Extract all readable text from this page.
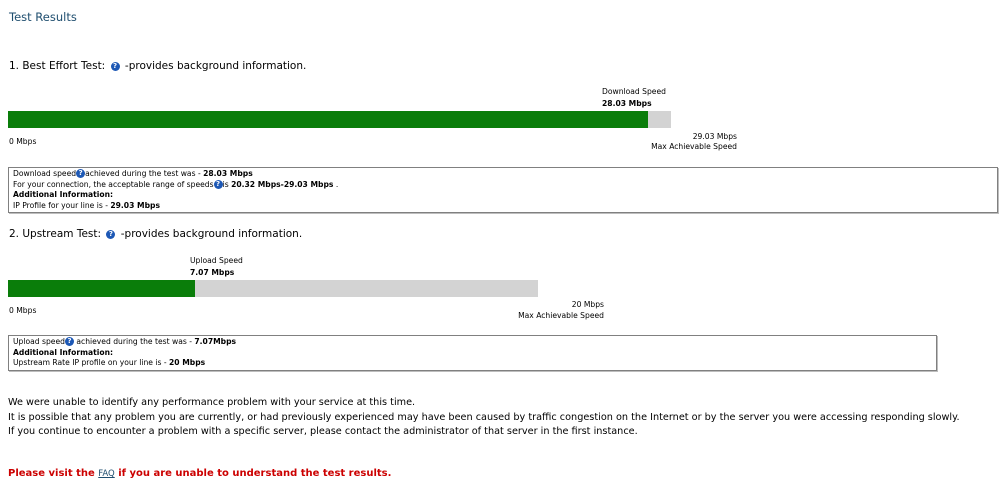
Test Results
1. Best Effort Test: ? -provides background information.
Download Speed
28.03 Mbps
0 Mbps
29.03 Mbps
Max Achievable Speed
Download speed ? achieved during the test was - 28.03 Mbps
For your connection, the acceptable range of speeds ? is 20.32 Mbps-29.03 Mbps .
Additional Information:
IP Profile for your line is - 29.03 Mbps
2. Upstream Test: ? -provides background information.
Upload Speed
7.07 Mbps
0 Mbps
20 Mbps
Max Achievable Speed
Upload speed ? achieved during the test was - 7.07Mbps
Additional Information:
Upstream Rate IP profile on your line is - 20 Mbps
We were unable to identify any performance problem with your service at this time.
It is possible that any problem you are currently, or had previously experienced may have been caused by traffic congestion on the Internet or by the server you were accessing responding slowly.
If you continue to encounter a problem with a specific server, please contact the administrator of that server in the first instance.
Please visit the FAQ if you are unable to understand the test results.
